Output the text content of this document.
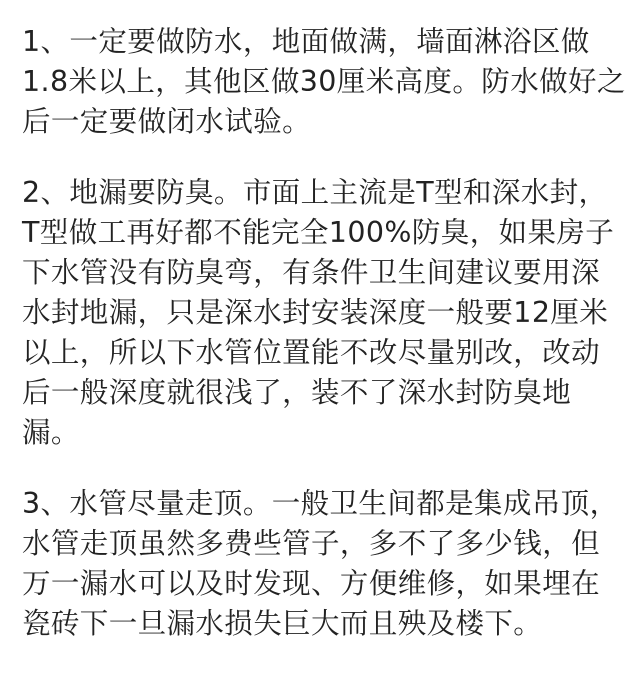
1、一定要做防水，地面做满，墙面淋浴区做
1.8米以上，其他区做30厘米高度。防水做好之
后一定要做闭水试验。

2、地漏要防臭。市面上主流是T型和深水封，
T型做工再好都不能完全100%防臭，如果房子
下水管没有防臭弯，有条件卫生间建议要用深
水封地漏，只是深水封安装深度一般要12厘米
以上，所以下水管位置能不改尽量别改，改动
后一般深度就很浅了，装不了深水封防臭地
漏。

3、水管尽量走顶。一般卫生间都是集成吊顶，
水管走顶虽然多费些管子，多不了多少钱，但
万一漏水可以及时发现、方便维修，如果埋在
瓷砖下一旦漏水损失巨大而且殃及楼下。
